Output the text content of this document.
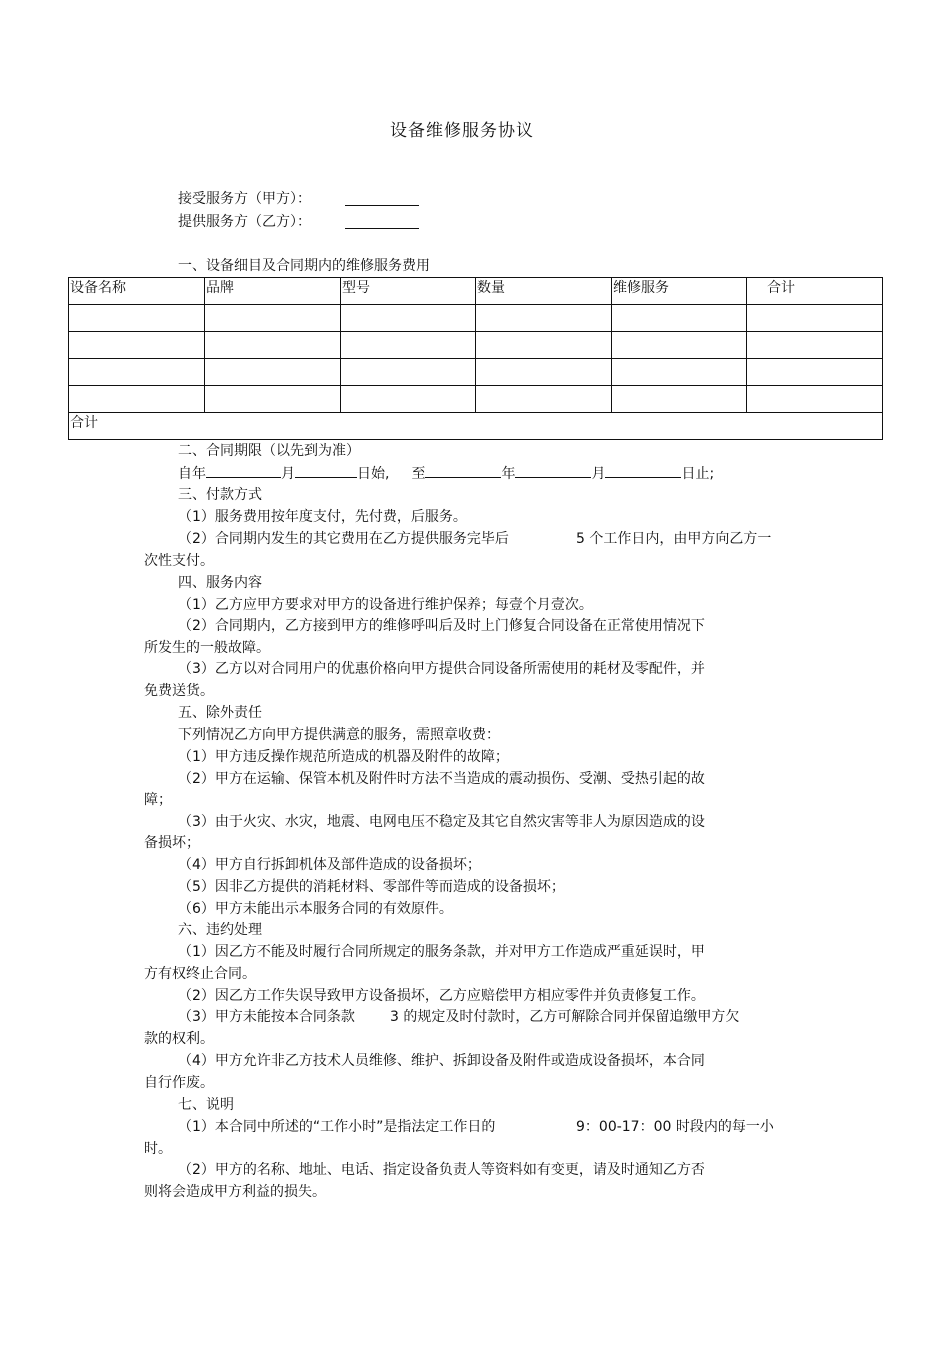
设备维修服务协议
接受服务方（甲方）：
提供服务方（乙方）：
一、设备细目及合同期内的维修服务费用
设备名称	品牌	型号	数量	维修服务	合计

合计					
二、合同期限（以先到为准）
自年	月	日始, 至	年	月	日止;
三、付款方式
（1）服务费用按年度支付，先付费，后服务。
（2）合同期内发生的其它费用在乙方提供服务完毕后	5 个工作日内，由甲方向乙方一
次性支付。
四、服务内容
（1）乙方应甲方要求对甲方的设备进行维护保养；每壹个月壹次。
（2）合同期内，乙方接到甲方的维修呼叫后及时上门修复合同设备在正常使用情况下
所发生的一般故障。
（3）乙方以对合同用户的优惠价格向甲方提供合同设备所需使用的耗材及零配件，并
免费送货。
五、除外责任
下列情况乙方向甲方提供满意的服务，需照章收费：
（1）甲方违反操作规范所造成的机器及附件的故障；
（2）甲方在运输、保管本机及附件时方法不当造成的震动损伤、受潮、受热引起的故
障；
（3）由于火灾、水灾，地震、电网电压不稳定及其它自然灾害等非人为原因造成的设
备损坏；
（4）甲方自行拆卸机体及部件造成的设备损坏；
（5）因非乙方提供的消耗材料、零部件等而造成的设备损坏；
（6）甲方未能出示本服务合同的有效原件。
六、违约处理
（1）因乙方不能及时履行合同所规定的服务条款，并对甲方工作造成严重延误时，甲
方有权终止合同。
（2）因乙方工作失误导致甲方设备损坏，乙方应赔偿甲方相应零件并负责修复工作。
（3）甲方未能按本合同条款	3 的规定及时付款时，乙方可解除合同并保留追缴甲方欠
款的权利。
（4）甲方允许非乙方技术人员维修、维护、拆卸设备及附件或造成设备损坏，本合同
自行作废。
七、说明
（1）本合同中所述的“工作小时”是指法定工作日的	9：00-17：00 时段内的每一小
时。
（2）甲方的名称、地址、电话、指定设备负责人等资料如有变更，请及时通知乙方否
则将会造成甲方利益的损失。
